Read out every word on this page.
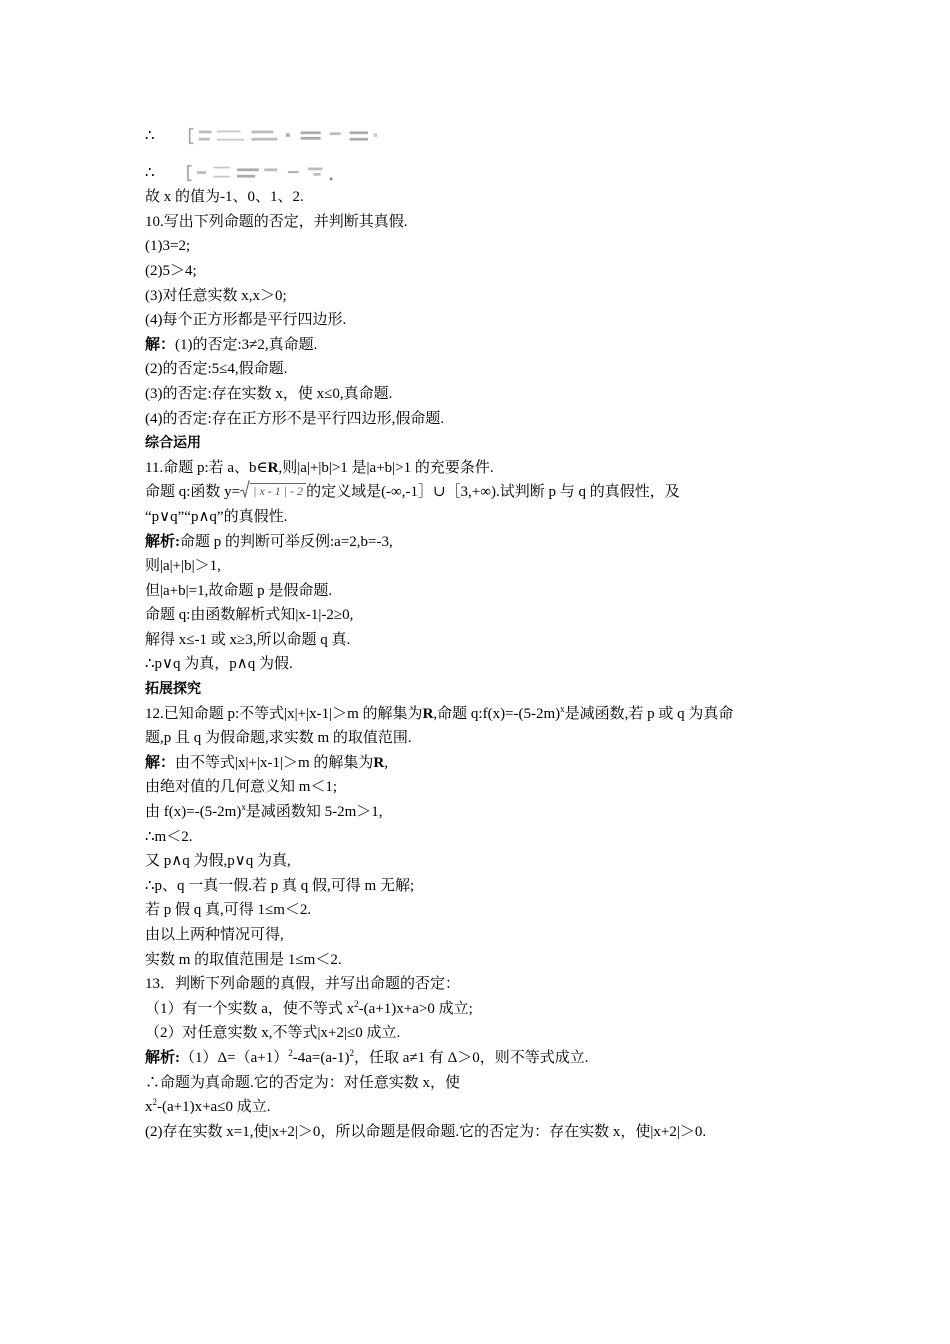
∴
∴
故 x 的值为-1、0、1、2.
10.写出下列命题的否定，并判断其真假.
(1)3=2;
(2)5＞4;
(3)对任意实数 x,x＞0;
(4)每个正方形都是平行四边形.
解：(1)的否定:3≠2,真命题.
(2)的否定:5≤4,假命题.
(3)的否定:存在实数 x，使 x≤0,真命题.
(4)的否定:存在正方形不是平行四边形,假命题.
综合运用
11.命题 p:若 a、b∈R,则|a|+|b|>1 是|a+b|>1 的充要条件.
命题 q:函数 y= | x - 1 | - 2 的定义域是(-∞,-1］∪［3,+∞).试判断 p 与 q 的真假性，及
“p∨q”“p∧q”的真假性.
解析:命题 p 的判断可举反例:a=2,b=-3,
则|a|+|b|＞1,
但|a+b|=1,故命题 p 是假命题.
命题 q:由函数解析式知|x-1|-2≥0,
解得 x≤-1 或 x≥3,所以命题 q 真.
∴p∨q 为真，p∧q 为假.
拓展探究
12.已知命题 p:不等式|x|+|x-1|＞m 的解集为R,命题 $q:f(x)=-(5-2m)^x$是减函数,若 p 或 q 为真命
题,p 且 q 为假命题,求实数 m 的取值范围.
解：由不等式|x|+|x-1|＞m 的解集为R,
由绝对值的几何意义知 m＜1;
由 $f(x)=-(5-2m)^x$是减函数知 5-2m＞1,
∴m＜2.
又 p∧q 为假,p∨q 为真,
∴p、q 一真一假.若 p 真 q 假,可得 m 无解;
若 p 假 q 真,可得 1≤m＜2.
由以上两种情况可得,
实数 m 的取值范围是 1≤m＜2.
13．判断下列命题的真假，并写出命题的否定：
（1）有一个实数 a，使不等式 $x^2-(a+1)x+a>0$ 成立;
（2）对任意实数 x,不等式|x+2|≤0 成立.
解析$:(1)\Delta=(a+1)^2-4a=(a-1)^2$，任取 a≠1 有 Δ＞0，则不等式成立.
∴命题为真命题.它的否定为：对任意实数 x，使
$x^2-(a+1)x+a\le 0$ 成立.
(2)存在实数 x=1,使|x+2|＞0，所以命题是假命题.它的否定为：存在实数 x，使|x+2|＞0.
